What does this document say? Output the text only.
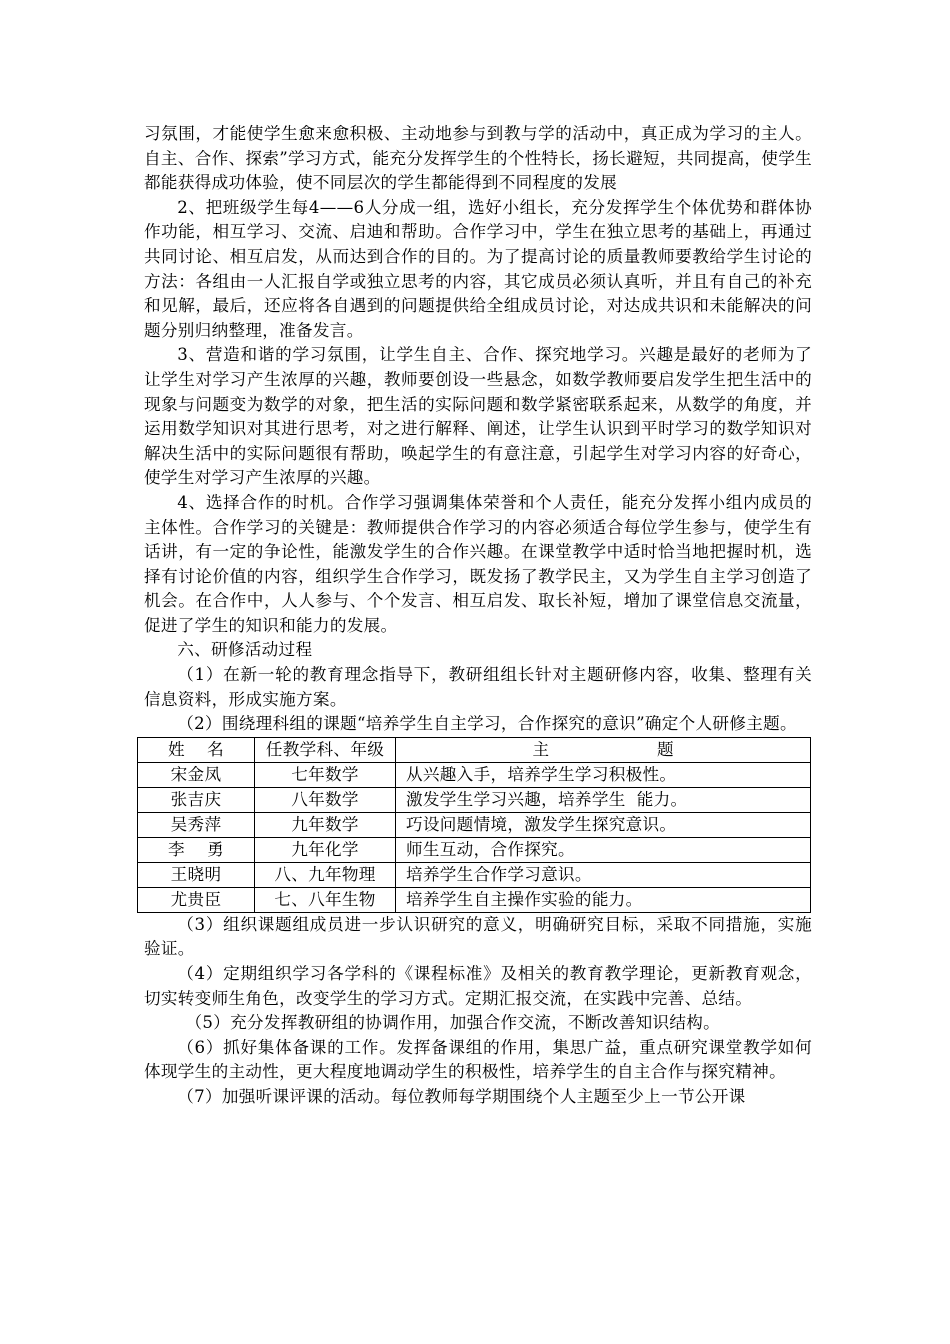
习氛围，才能使学生愈来愈积极、主动地参与到教与学的活动中，真正成为学习的主人。自主、合作、探索”学习方式，能充分发挥学生的个性特长，扬长避短，共同提高，使学生都能获得成功体验，使不同层次的学生都能得到不同程度的发展

2、把班级学生每4——6人分成一组，选好小组长，充分发挥学生个体优势和群体协作功能，相互学习、交流、启迪和帮助。合作学习中，学生在独立思考的基础上，再通过共同讨论、相互启发，从而达到合作的目的。为了提高讨论的质量教师要教给学生讨论的方法：各组由一人汇报自学或独立思考的内容，其它成员必须认真听，并且有自己的补充和见解，最后，还应将各自遇到的问题提供给全组成员讨论，对达成共识和未能解决的问题分别归纳整理，准备发言。

3、营造和谐的学习氛围，让学生自主、合作、探究地学习。兴趣是最好的老师为了让学生对学习产生浓厚的兴趣，教师要创设一些悬念，如数学教师要启发学生把生活中的现象与问题变为数学的对象，把生活的实际问题和数学紧密联系起来，从数学的角度，并运用数学知识对其进行思考，对之进行解释、阐述，让学生认识到平时学习的数学知识对解决生活中的实际问题很有帮助，唤起学生的有意注意，引起学生对学习内容的好奇心，使学生对学习产生浓厚的兴趣。

4、选择合作的时机。合作学习强调集体荣誉和个人责任，能充分发挥小组内成员的主体性。合作学习的关键是：教师提供合作学习的内容必须适合每位学生参与，使学生有话讲，有一定的争论性，能激发学生的合作兴趣。在课堂教学中适时恰当地把握时机，选择有讨论价值的内容，组织学生合作学习，既发扬了教学民主，又为学生自主学习创造了机会。在合作中，人人参与、个个发言、相互启发、取长补短，增加了课堂信息交流量，促进了学生的知识和能力的发展。

六、研修活动过程

（1）在新一轮的教育理念指导下，教研组组长针对主题研修内容，收集、整理有关信息资料，形成实施方案。

（2）围绕理科组的课题“培养学生自主学习，合作探究的意识”确定个人研修主题。

姓    名	任教学科、年级	主 题
宋金凤	七年数学	从兴趣入手，培养学生学习积极性。
张吉庆	八年数学	激发学生学习兴趣，培养学生  能力。
吴秀萍	九年数学	巧设问题情境，激发学生探究意识。
李    勇	九年化学	师生互动，合作探究。
王晓明	八、九年物理	培养学生合作学习意识。
尤贵臣	七、八年生物	培养学生自主操作实验的能力。

（3）组织课题组成员进一步认识研究的意义，明确研究目标，采取不同措施，实施验证。

（4）定期组织学习各学科的《课程标准》及相关的教育教学理论，更新教育观念，切实转变师生角色，改变学生的学习方式。定期汇报交流，在实践中完善、总结。

（5）充分发挥教研组的协调作用，加强合作交流，不断改善知识结构。

（6）抓好集体备课的工作。发挥备课组的作用，集思广益，重点研究课堂教学如何体现学生的主动性，更大程度地调动学生的积极性，培养学生的自主合作与探究精神。

（7）加强听课评课的活动。每位教师每学期围绕个人主题至少上一节公开课
